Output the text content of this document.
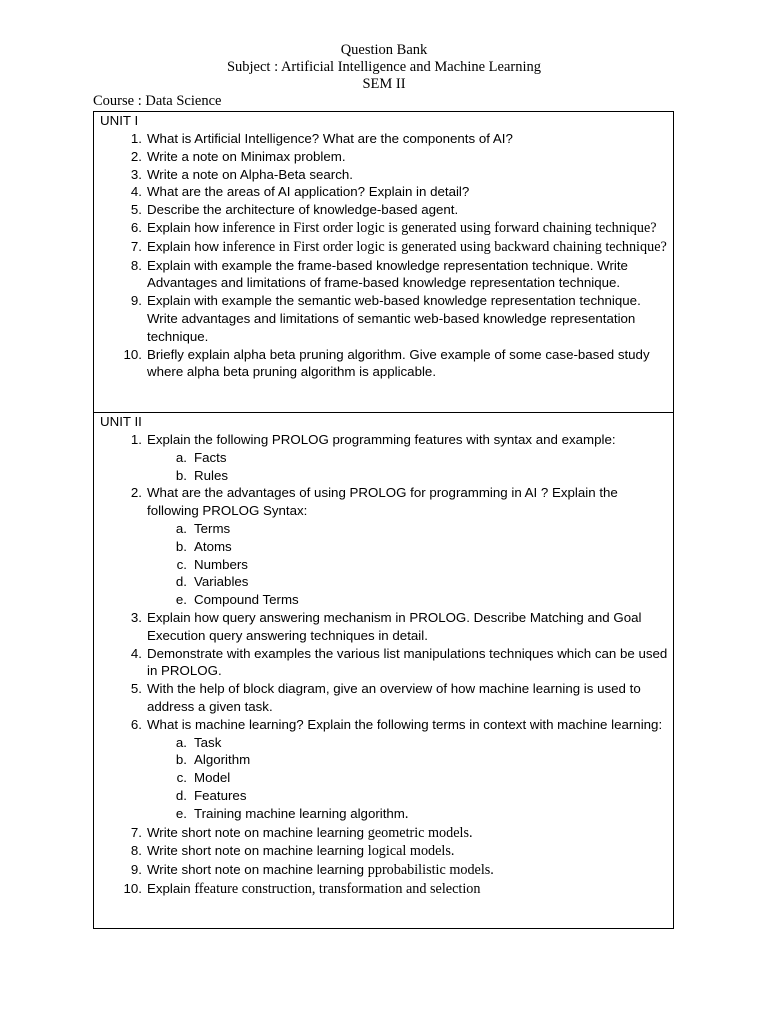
Question Bank
Subject : Artificial Intelligence and Machine Learning
SEM II
Course : Data Science
UNIT I
1. What is Artificial Intelligence? What are the components of AI?
2. Write a note on Minimax problem.
3. Write a note on Alpha-Beta search.
4. What are the areas of AI application? Explain in detail?
5. Describe the architecture of knowledge-based agent.
6. Explain how inference in First order logic is generated using forward chaining technique?
7. Explain how inference in First order logic is generated using backward chaining technique?
8. Explain with example the frame-based knowledge representation technique. Write Advantages and limitations of frame-based knowledge representation technique.
9. Explain with example the semantic web-based knowledge representation technique. Write advantages and limitations of semantic web-based knowledge representation technique.
10. Briefly explain alpha beta pruning algorithm. Give example of some case-based study where alpha beta pruning algorithm is applicable.
UNIT II
1. Explain the following PROLOG programming features with syntax and example:
a. Facts
b. Rules
2. What are the advantages of using PROLOG for programming in AI ? Explain the following PROLOG Syntax:
a. Terms
b. Atoms
c. Numbers
d. Variables
e. Compound Terms
3. Explain how query answering mechanism in PROLOG. Describe Matching and Goal Execution query answering techniques in detail.
4. Demonstrate with examples the various list manipulations techniques which can be used in PROLOG.
5. With the help of block diagram, give an overview of how machine learning is used to address a given task.
6. What is machine learning? Explain the following terms in context with machine learning:
a. Task
b. Algorithm
c. Model
d. Features
e. Training machine learning algorithm.
7. Write short note on machine learning geometric models.
8. Write short note on machine learning logical models.
9. Write short note on machine learning pprobabilistic models.
10. Explain ffeature construction, transformation and selection
